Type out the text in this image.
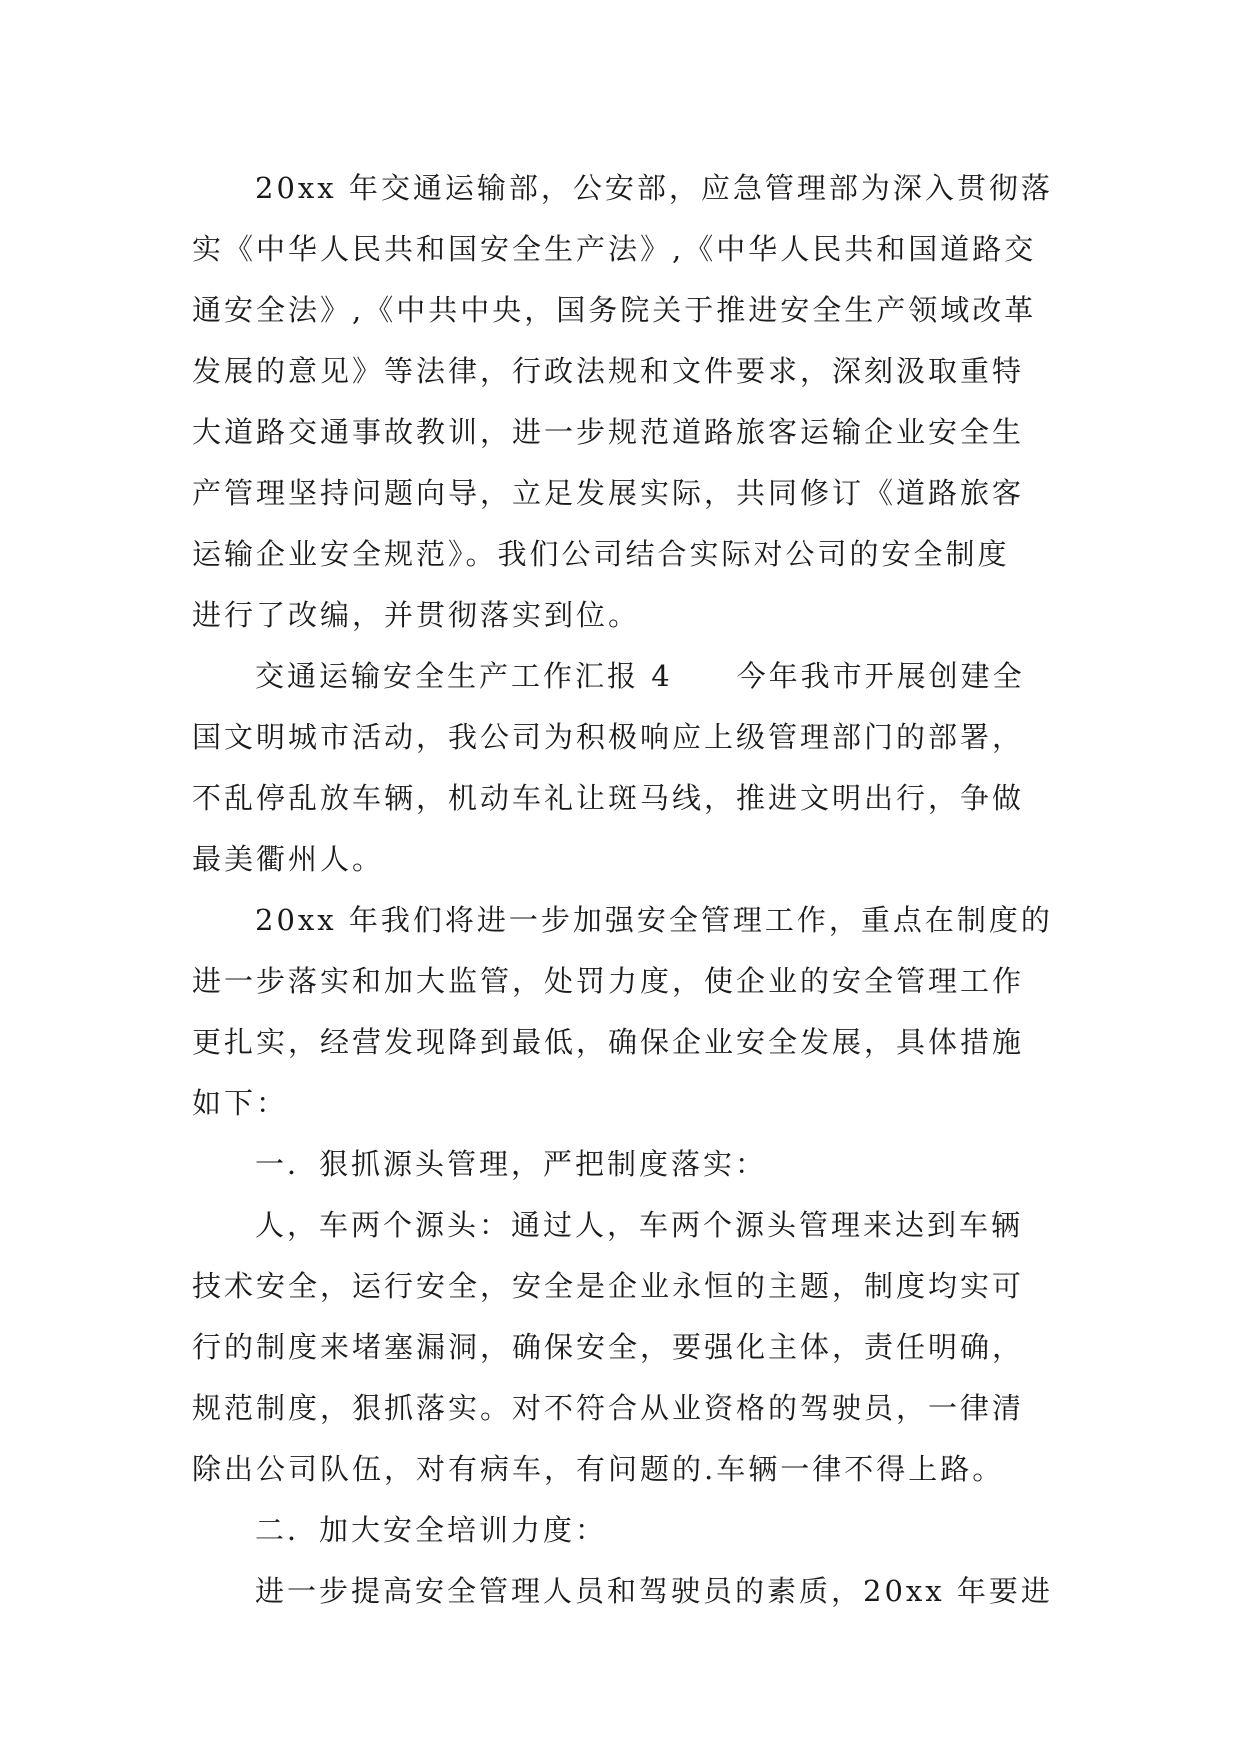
20xx 年交通运输部，公安部，应急管理部为深入贯彻落
实《中华人民共和国安全生产法》,《中华人民共和国道路交
通安全法》,《中共中央，国务院关于推进安全生产领域改革
发展的意见》等法律，行政法规和文件要求，深刻汲取重特
大道路交通事故教训，进一步规范道路旅客运输企业安全生
产管理坚持问题向导，立足发展实际，共同修订《道路旅客
运输企业安全规范》。我们公司结合实际对公司的安全制度
进行了改编，并贯彻落实到位。
交通运输安全生产工作汇报 4　　今年我市开展创建全
国文明城市活动，我公司为积极响应上级管理部门的部署，
不乱停乱放车辆，机动车礼让斑马线，推进文明出行，争做
最美衢州人。
20xx 年我们将进一步加强安全管理工作，重点在制度的
进一步落实和加大监管，处罚力度，使企业的安全管理工作
更扎实，经营发现降到最低，确保企业安全发展，具体措施
如下：
一．狠抓源头管理，严把制度落实：
人，车两个源头：通过人，车两个源头管理来达到车辆
技术安全，运行安全，安全是企业永恒的主题，制度均实可
行的制度来堵塞漏洞，确保安全，要强化主体，责任明确，
规范制度，狠抓落实。对不符合从业资格的驾驶员，一律清
除出公司队伍，对有病车，有问题的.车辆一律不得上路。
二．加大安全培训力度：
进一步提高安全管理人员和驾驶员的素质，20xx 年要进
